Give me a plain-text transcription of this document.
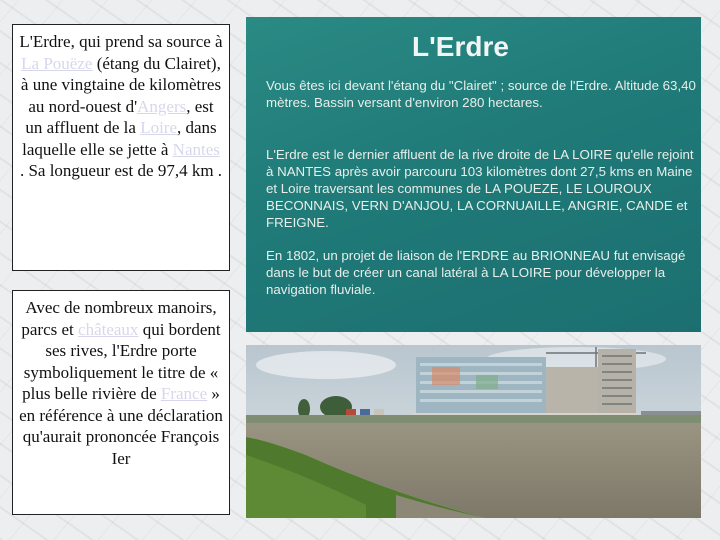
L'Erdre, qui prend sa source à La Pouëze (étang du Clairet), à une vingtaine de kilomètres au nord-ouest d'Angers, est un affluent de la Loire, dans laquelle elle se jette à Nantes . Sa longueur est de 97,4 km .
Avec de nombreux manoirs, parcs et châteaux qui bordent ses rives, l'Erdre porte symboliquement le titre de « plus belle rivière de France » en référence à une déclaration qu'aurait prononcée François Ier
L'Erdre
Vous êtes ici devant l'étang du "Clairet" ; source de l'Erdre. Altitude 63,40 mètres. Bassin versant d'environ 280 hectares.
L'Erdre est le dernier affluent de la rive droite de LA LOIRE qu'elle rejoint à NANTES après avoir parcouru 103 kilomètres dont 27,5 kms en Maine et Loire traversant les communes de LA POUEZE, LE LOUROUX BECONNAIS, VERN D'ANJOU, LA CORNUAILLE, ANGRIE, CANDE et FREIGNE.
En 1802, un projet de liaison de l'ERDRE au BRIONNEAU fut envisagé dans le but de créer un canal latéral à LA LOIRE pour développer la navigation fluviale.
